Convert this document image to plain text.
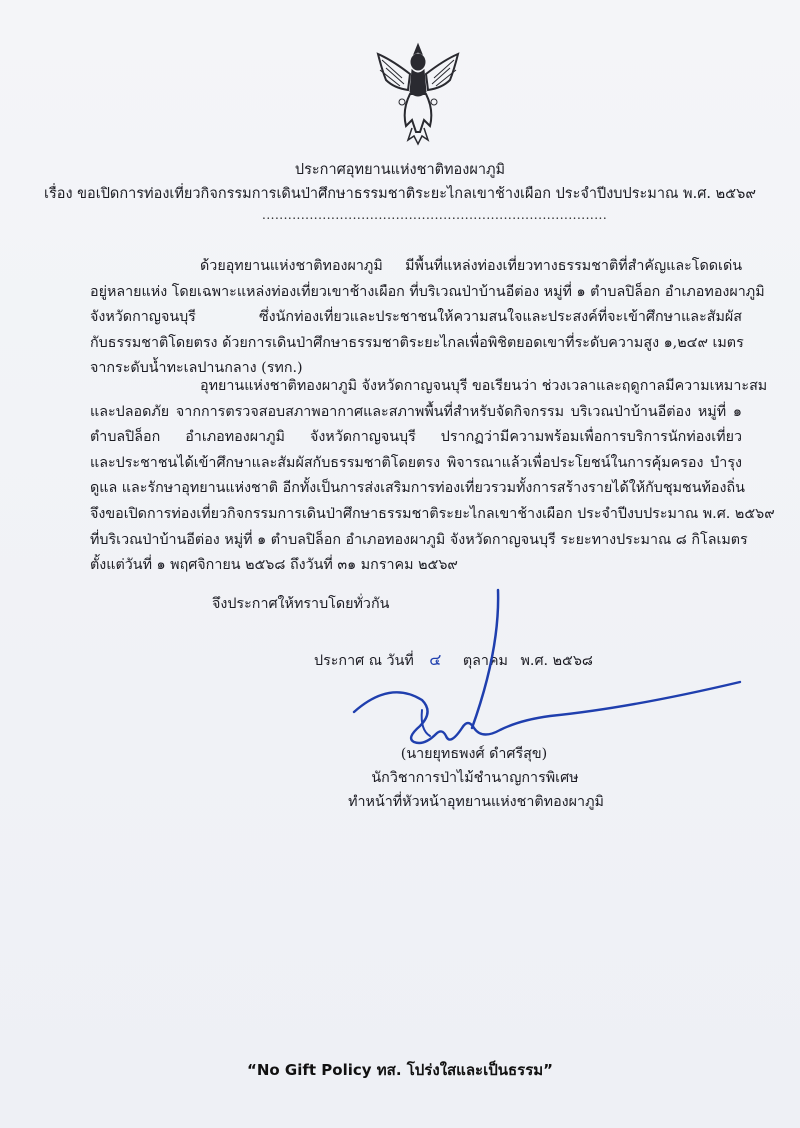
ประกาศอุทยานแห่งชาติทองผาภูมิ
เรื่อง ขอเปิดการท่องเที่ยวกิจกรรมการเดินป่าศึกษาธรรมชาติระยะไกลเขาช้างเผือก ประจำปีงบประมาณ พ.ศ. ๒๕๖๙
................................................................................
ด้วยอุทยานแห่งชาติทองผาภูมิ มีพื้นที่แหล่งท่องเที่ยวทางธรรมชาติที่สำคัญและโดดเด่น
อยู่หลายแห่ง โดยเฉพาะแหล่งท่องเที่ยวเขาช้างเผือก ที่บริเวณป่าบ้านอีต่อง หมู่ที่ ๑ ตำบลปิล็อก อำเภอทองผาภูมิ
จังหวัดกาญจนบุรี ซึ่งนักท่องเที่ยวและประชาชนให้ความสนใจและประสงค์ที่จะเข้าศึกษาและสัมผัส
กับธรรมชาติโดยตรง ด้วยการเดินป่าศึกษาธรรมชาติระยะไกลเพื่อพิชิตยอดเขาที่ระดับความสูง ๑,๒๔๙ เมตร
จากระดับน้ำทะเลปานกลาง (รทก.)
อุทยานแห่งชาติทองผาภูมิ จังหวัดกาญจนบุรี ขอเรียนว่า ช่วงเวลาและฤดูกาลมีความเหมาะสม
และปลอดภัย จากการตรวจสอบสภาพอากาศและสภาพพื้นที่สำหรับจัดกิจกรรม บริเวณป่าบ้านอีต่อง หมู่ที่ ๑
ตำบลปิล็อก อำเภอทองผาภูมิ จังหวัดกาญจนบุรี ปรากฏว่ามีความพร้อมเพื่อการบริการนักท่องเที่ยว
และประชาชนได้เข้าศึกษาและสัมผัสกับธรรมชาติโดยตรง พิจารณาแล้วเพื่อประโยชน์ในการคุ้มครอง บำรุง
ดูแล และรักษาอุทยานแห่งชาติ อีกทั้งเป็นการส่งเสริมการท่องเที่ยวรวมทั้งการสร้างรายได้ให้กับชุมชนท้องถิ่น
จึงขอเปิดการท่องเที่ยวกิจกรรมการเดินป่าศึกษาธรรมชาติระยะไกลเขาช้างเผือก ประจำปีงบประมาณ พ.ศ. ๒๕๖๙
ที่บริเวณป่าบ้านอีต่อง หมู่ที่ ๑ ตำบลปิล็อก อำเภอทองผาภูมิ จังหวัดกาญจนบุรี ระยะทางประมาณ ๘ กิโลเมตร
ตั้งแต่วันที่ ๑ พฤศจิกายน ๒๕๖๘ ถึงวันที่ ๓๑ มกราคม ๒๕๖๙
จึงประกาศให้ทราบโดยทั่วกัน
ประกาศ ณ วันที่ ๔ ตุลาคม พ.ศ. ๒๕๖๘
(นายยุทธพงศ์ ดำศรีสุข)
นักวิชาการป่าไม้ชำนาญการพิเศษ
ทำหน้าที่หัวหน้าอุทยานแห่งชาติทองผาภูมิ
“No Gift Policy ทส. โปร่งใสและเป็นธรรม”
